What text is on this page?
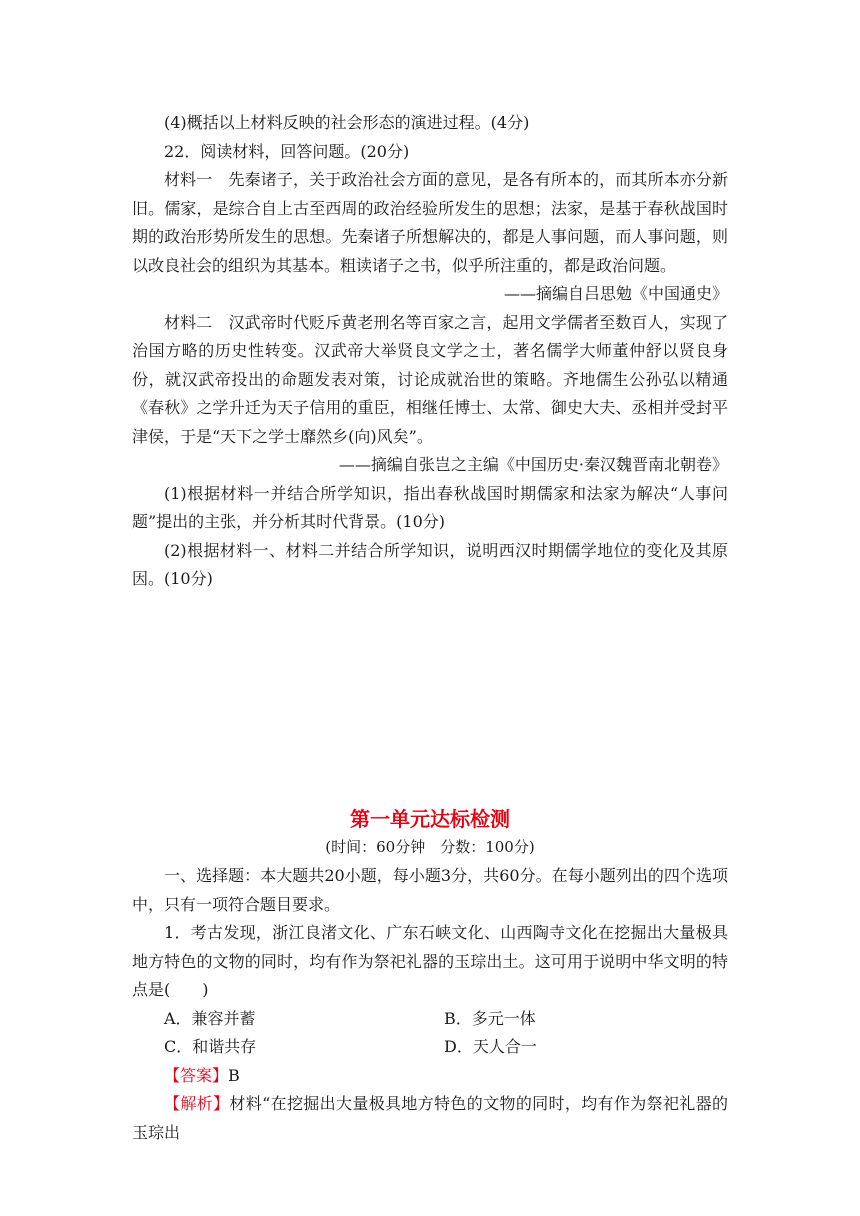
(4)概括以上材料反映的社会形态的演进过程。(4分)

22．阅读材料，回答问题。(20分)

材料一　先秦诸子，关于政治社会方面的意见，是各有所本的，而其所本亦分新旧。儒家，是综合自上古至西周的政治经验所发生的思想；法家，是基于春秋战国时期的政治形势所发生的思想。先秦诸子所想解决的，都是人事问题，而人事问题，则以改良社会的组织为其基本。粗读诸子之书，似乎所注重的，都是政治问题。

——摘编自吕思勉《中国通史》

材料二　汉武帝时代贬斥黄老刑名等百家之言，起用文学儒者至数百人，实现了治国方略的历史性转变。汉武帝大举贤良文学之士，著名儒学大师董仲舒以贤良身份，就汉武帝投出的命题发表对策，讨论成就治世的策略。齐地儒生公孙弘以精通《春秋》之学升迁为天子信用的重臣，相继任博士、太常、御史大夫、丞相并受封平津侯，于是“天下之学士靡然乡(向)风矣”。

——摘编自张岂之主编《中国历史·秦汉魏晋南北朝卷》

(1)根据材料一并结合所学知识，指出春秋战国时期儒家和法家为解决“人事问题”提出的主张，并分析其时代背景。(10分)

(2)根据材料一、材料二并结合所学知识，说明西汉时期儒学地位的变化及其原因。(10分)

第一单元达标检测

(时间：60分钟　分数：100分)

一、选择题：本大题共20小题，每小题3分，共60分。在每小题列出的四个选项中，只有一项符合题目要求。

1．考古发现，浙江良渚文化、广东石峡文化、山西陶寺文化在挖掘出大量极具地方特色的文物的同时，均有作为祭祀礼器的玉琮出土。这可用于说明中华文明的特点是(　　)

A．兼容并蓄	B．多元一体
C．和谐共存	D．天人合一

【答案】B

【解析】材料“在挖掘出大量极具地方特色的文物的同时，均有作为祭祀礼器的玉琮出
